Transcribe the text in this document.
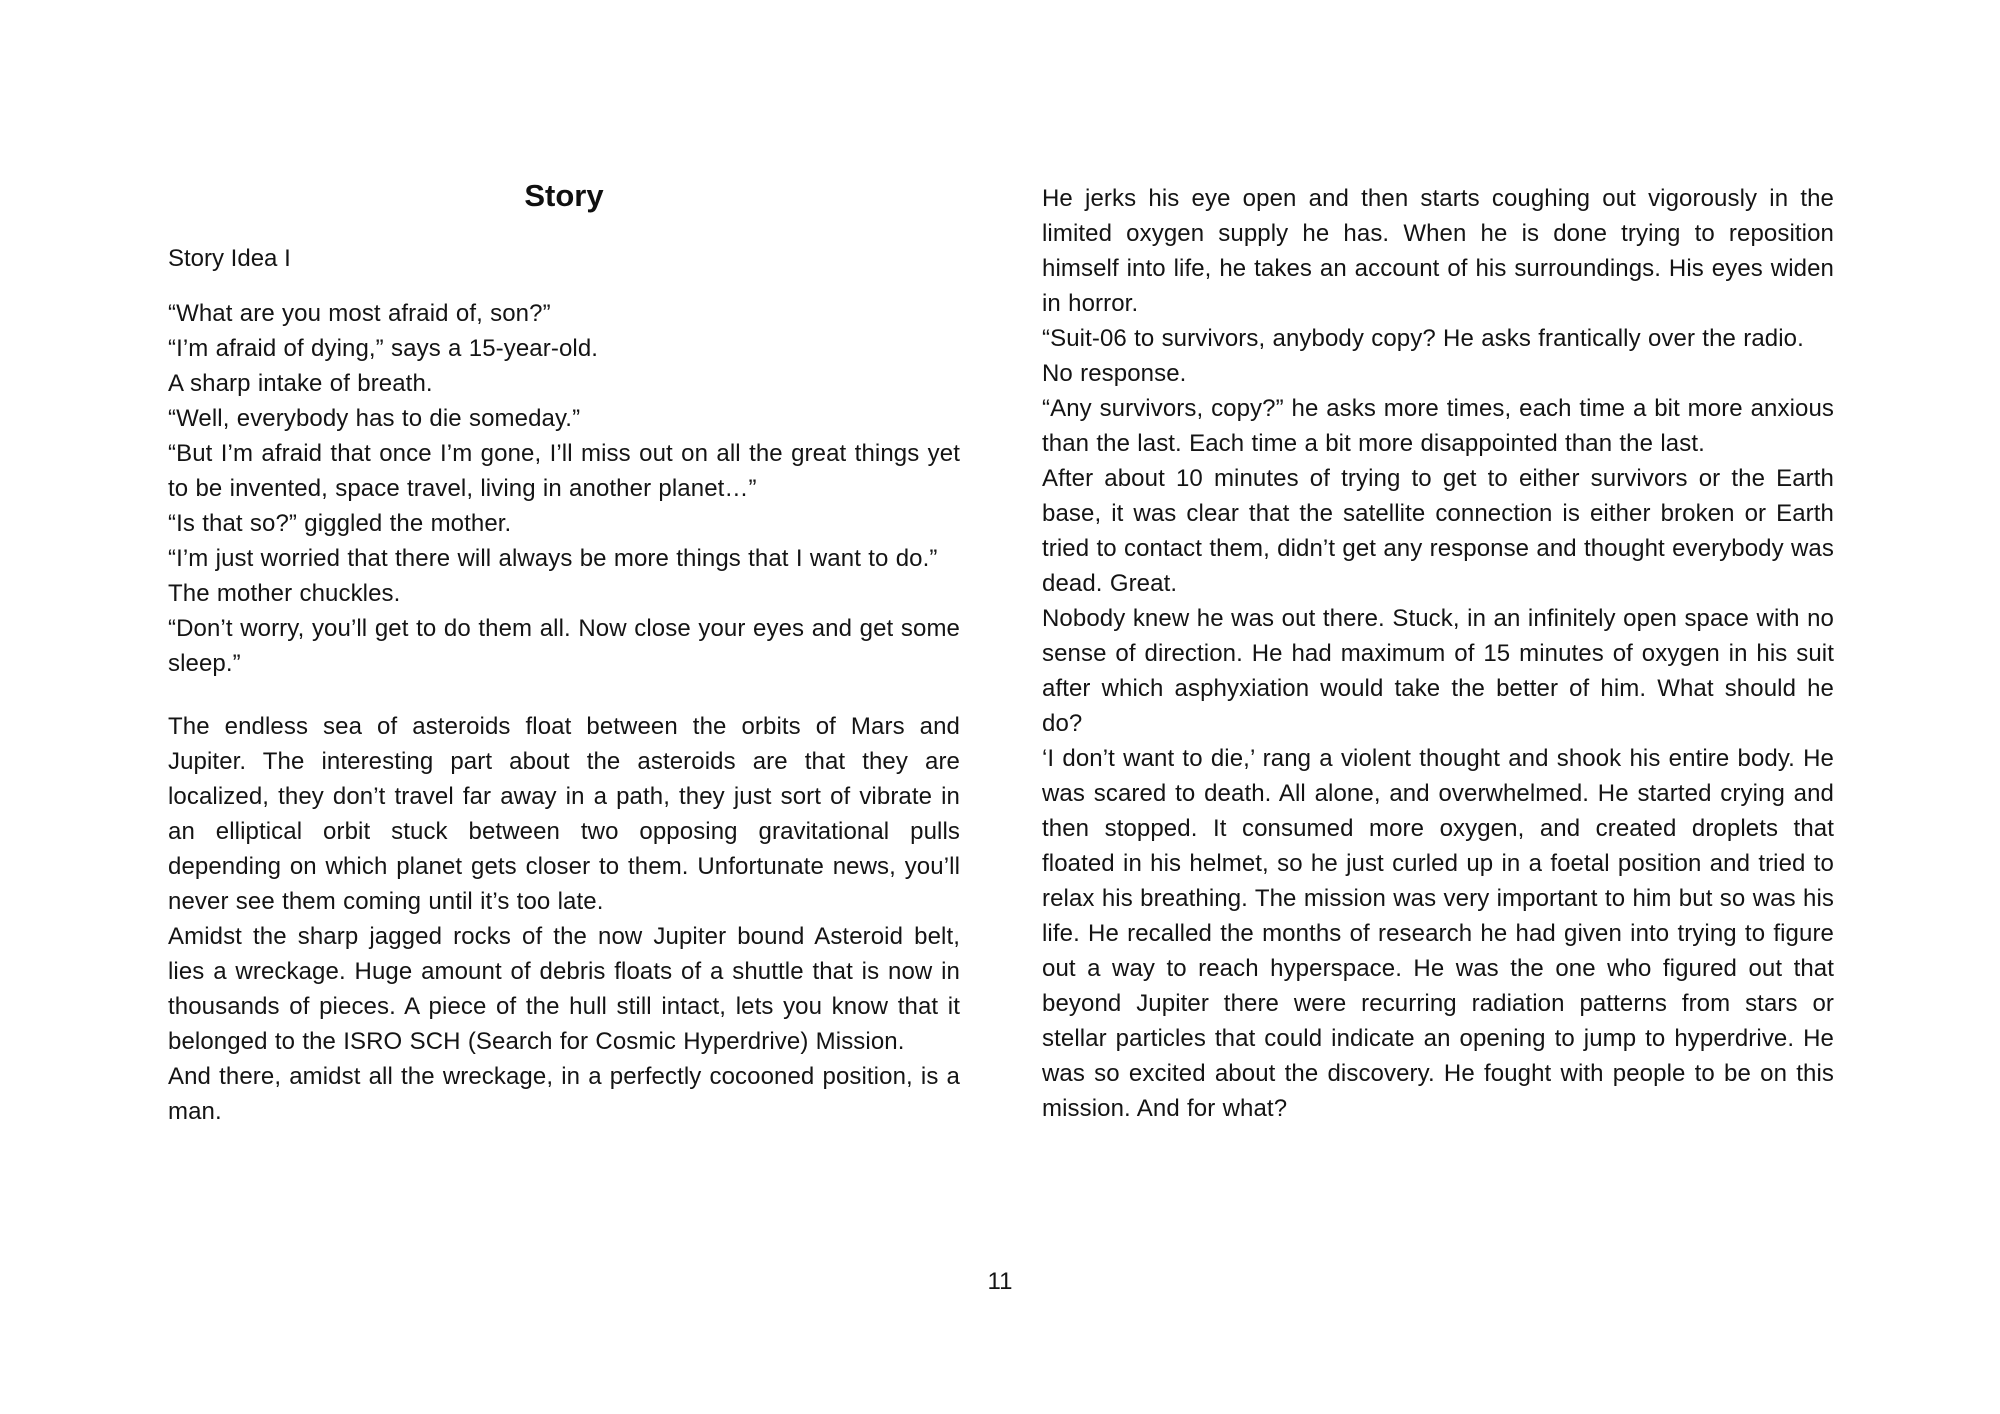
Story

Story Idea I

“What are you most afraid of, son?”

“I’m afraid of dying,” says a 15-year-old.

A sharp intake of breath.

“Well, everybody has to die someday.”

“But I’m afraid that once I’m gone, I’ll miss out on all the great things yet to be invented, space travel, living in another planet…”

“Is that so?” giggled the mother.

“I’m just worried that there will always be more things that I want to do.”

The mother chuckles.

“Don’t worry, you’ll get to do them all. Now close your eyes and get some sleep.”

The endless sea of asteroids float between the orbits of Mars and Jupiter. The interesting part about the asteroids are that they are localized, they don’t travel far away in a path, they just sort of vibrate in an elliptical orbit stuck between two opposing gravitational pulls depending on which planet gets closer to them. Unfortunate news, you’ll never see them coming until it’s too late.

Amidst the sharp jagged rocks of the now Jupiter bound Asteroid belt, lies a wreckage. Huge amount of debris floats of a shuttle that is now in thousands of pieces. A piece of the hull still intact, lets you know that it belonged to the ISRO SCH (Search for Cosmic Hyperdrive) Mission.

And there, amidst all the wreckage, in a perfectly cocooned position, is a man.

He jerks his eye open and then starts coughing out vigorously in the limited oxygen supply he has. When he is done trying to reposition himself into life, he takes an account of his surroundings. His eyes widen in horror.

“Suit-06 to survivors, anybody copy? He asks frantically over the radio.

No response.

“Any survivors, copy?” he asks more times, each time a bit more anxious than the last. Each time a bit more disappointed than the last.

After about 10 minutes of trying to get to either survivors or the Earth base, it was clear that the satellite connection is either broken or Earth tried to contact them, didn’t get any response and thought everybody was dead. Great.

Nobody knew he was out there. Stuck, in an infinitely open space with no sense of direction. He had maximum of 15 minutes of oxygen in his suit after which asphyxiation would take the better of him. What should he do?

‘I don’t want to die,’ rang a violent thought and shook his entire body. He was scared to death. All alone, and overwhelmed. He started crying and then stopped. It consumed more oxygen, and created droplets that floated in his helmet, so he just curled up in a foetal position and tried to relax his breathing. The mission was very important to him but so was his life. He recalled the months of research he had given into trying to figure out a way to reach hyperspace. He was the one who figured out that beyond Jupiter there were recurring radiation patterns from stars or stellar particles that could indicate an opening to jump to hyperdrive. He was so excited about the discovery. He fought with people to be on this mission. And for what?

11
